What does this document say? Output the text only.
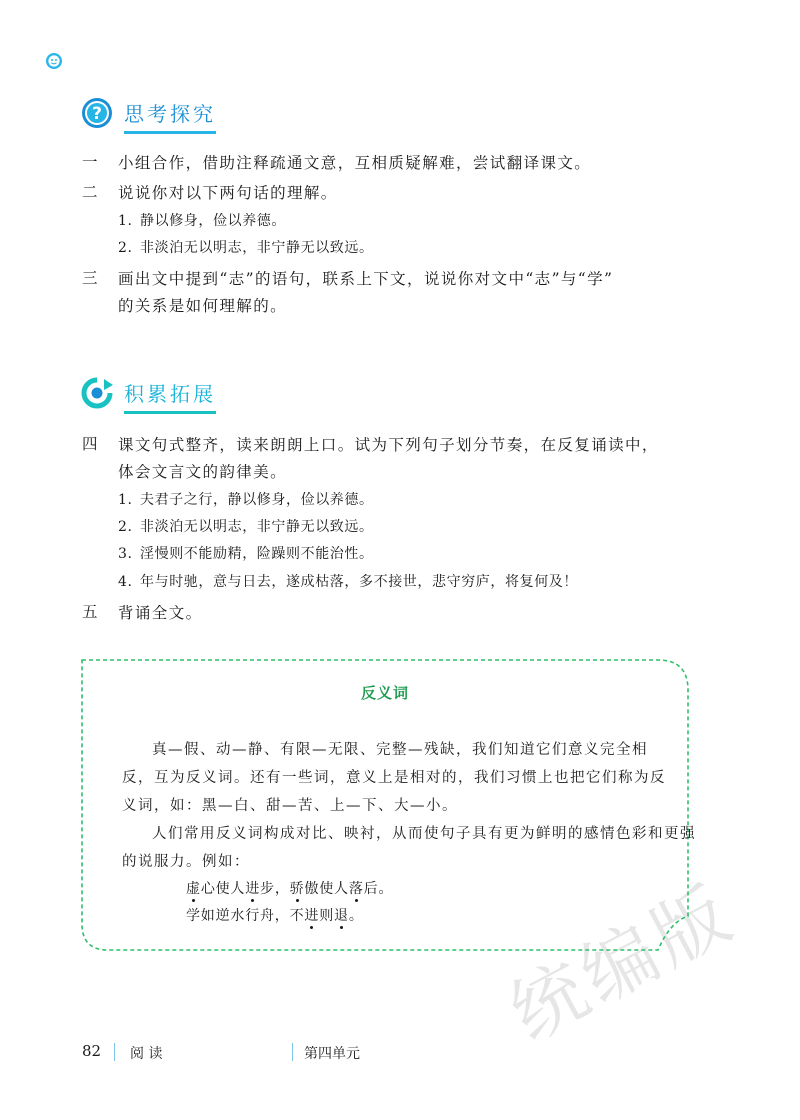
? 思考探究
一	小组合作，借助注释疏通文意，互相质疑解难，尝试翻译课文。
二	说说你对以下两句话的理解。
1. 静以修身，俭以养德。
2. 非淡泊无以明志，非宁静无以致远。
三	画出文中提到“志”的语句，联系上下文，说说你对文中“志”与“学”
的关系是如何理解的。
积累拓展
四	课文句式整齐，读来朗朗上口。试为下列句子划分节奏，在反复诵读中，
体会文言文的韵律美。
1. 夫君子之行，静以修身，俭以养德。
2. 非淡泊无以明志，非宁静无以致远。
3. 淫慢则不能励精，险躁则不能治性。
4. 年与时驰，意与日去，遂成枯落，多不接世，悲守穷庐，将复何及！
五	背诵全文。
统编版
反义词
真—假、动—静、有限—无限、完整—残缺，我们知道它们意义完全相
反，互为反义词。还有一些词，意义上是相对的，我们习惯上也把它们称为反
义词，如：黑—白、甜—苦、上—下、大—小。
人们常用反义词构成对比、映衬，从而使句子具有更为鲜明的感情色彩和更强
的说服力。例如：
虚心使人进步，骄傲使人落后。
学如逆水行舟，不进则退。
82 阅 读	第四单元
